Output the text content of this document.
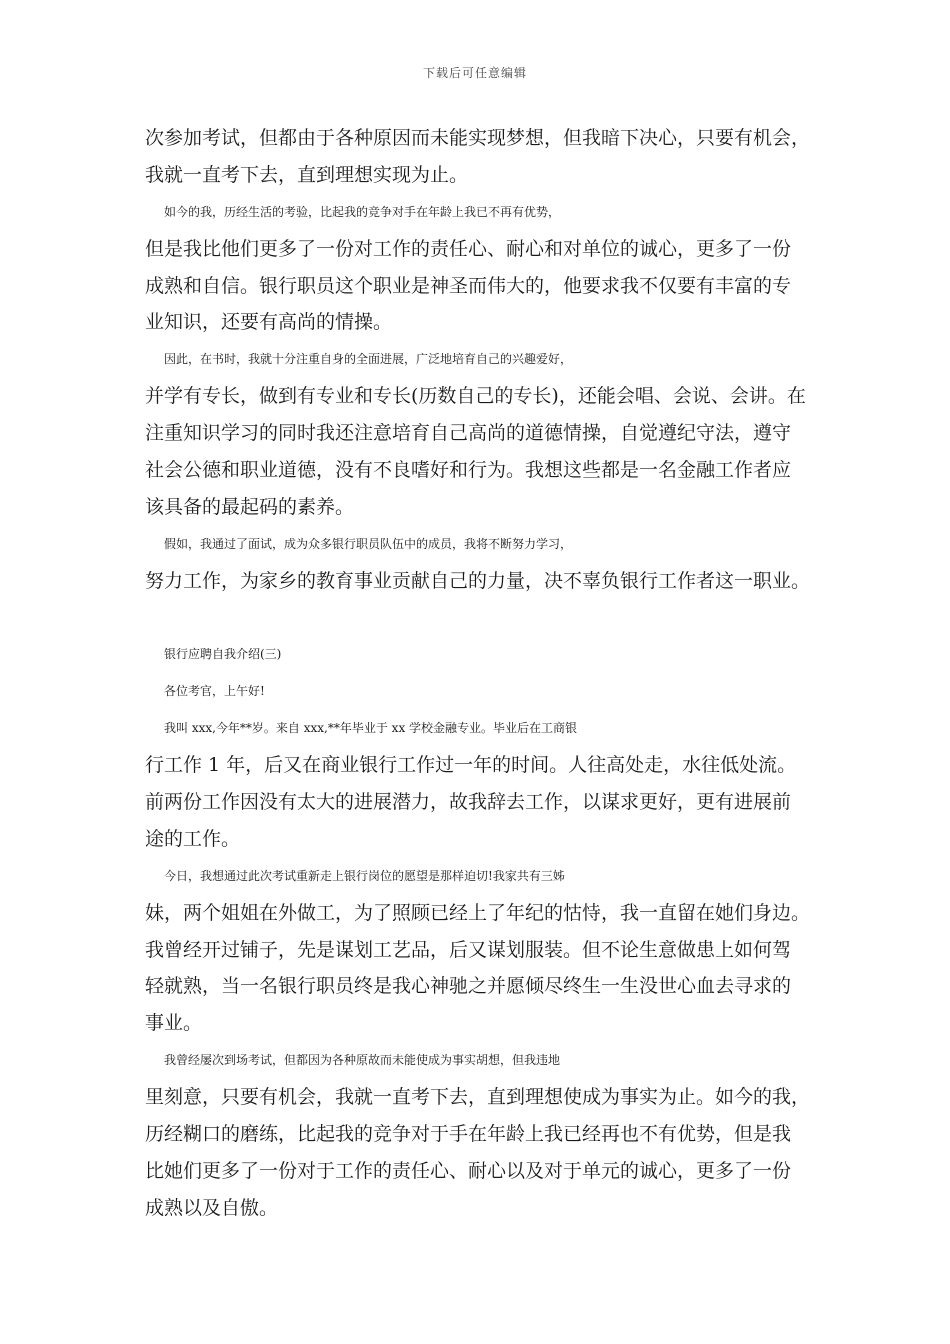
下载后可任意编辑
次参加考试，但都由于各种原因而未能实现梦想，但我暗下决心，只要有机会，
我就一直考下去，直到理想实现为止。
如今的我，历经生活的考验，比起我的竞争对手在年龄上我已不再有优势，
但是我比他们更多了一份对工作的责任心、耐心和对单位的诚心，更多了一份
成熟和自信。银行职员这个职业是神圣而伟大的，他要求我不仅要有丰富的专
业知识，还要有高尚的情操。
因此，在书时，我就十分注重自身的全面进展，广泛地培育自己的兴趣爱好，
并学有专长，做到有专业和专长(历数自己的专长)，还能会唱、会说、会讲。在
注重知识学习的同时我还注意培育自己高尚的道德情操，自觉遵纪守法，遵守
社会公德和职业道德，没有不良嗜好和行为。我想这些都是一名金融工作者应
该具备的最起码的素养。
假如，我通过了面试，成为众多银行职员队伍中的成员，我将不断努力学习，
努力工作，为家乡的教育事业贡献自己的力量，决不辜负银行工作者这一职业。
银行应聘自我介绍(三)
各位考官，上午好!
我叫 xxx,今年**岁。来自 xxx,**年毕业于 xx 学校金融专业。毕业后在工商银
行工作 1 年，后又在商业银行工作过一年的时间。人往高处走，水往低处流。
前两份工作因没有太大的进展潜力，故我辞去工作，以谋求更好，更有进展前
途的工作。
今日，我想通过此次考试重新走上银行岗位的愿望是那样迫切!我家共有三姊
妹，两个姐姐在外做工，为了照顾已经上了年纪的怙恃，我一直留在她们身边。
我曾经开过铺子，先是谋划工艺品，后又谋划服装。但不论生意做患上如何驾
轻就熟，当一名银行职员终是我心神驰之并愿倾尽终生一生没世心血去寻求的
事业。
我曾经屡次到场考试，但都因为各种原故而未能使成为事实胡想，但我违地
里刻意，只要有机会，我就一直考下去，直到理想使成为事实为止。如今的我，
历经糊口的磨练，比起我的竞争对于手在年龄上我已经再也不有优势，但是我
比她们更多了一份对于工作的责任心、耐心以及对于单元的诚心，更多了一份
成熟以及自傲。
